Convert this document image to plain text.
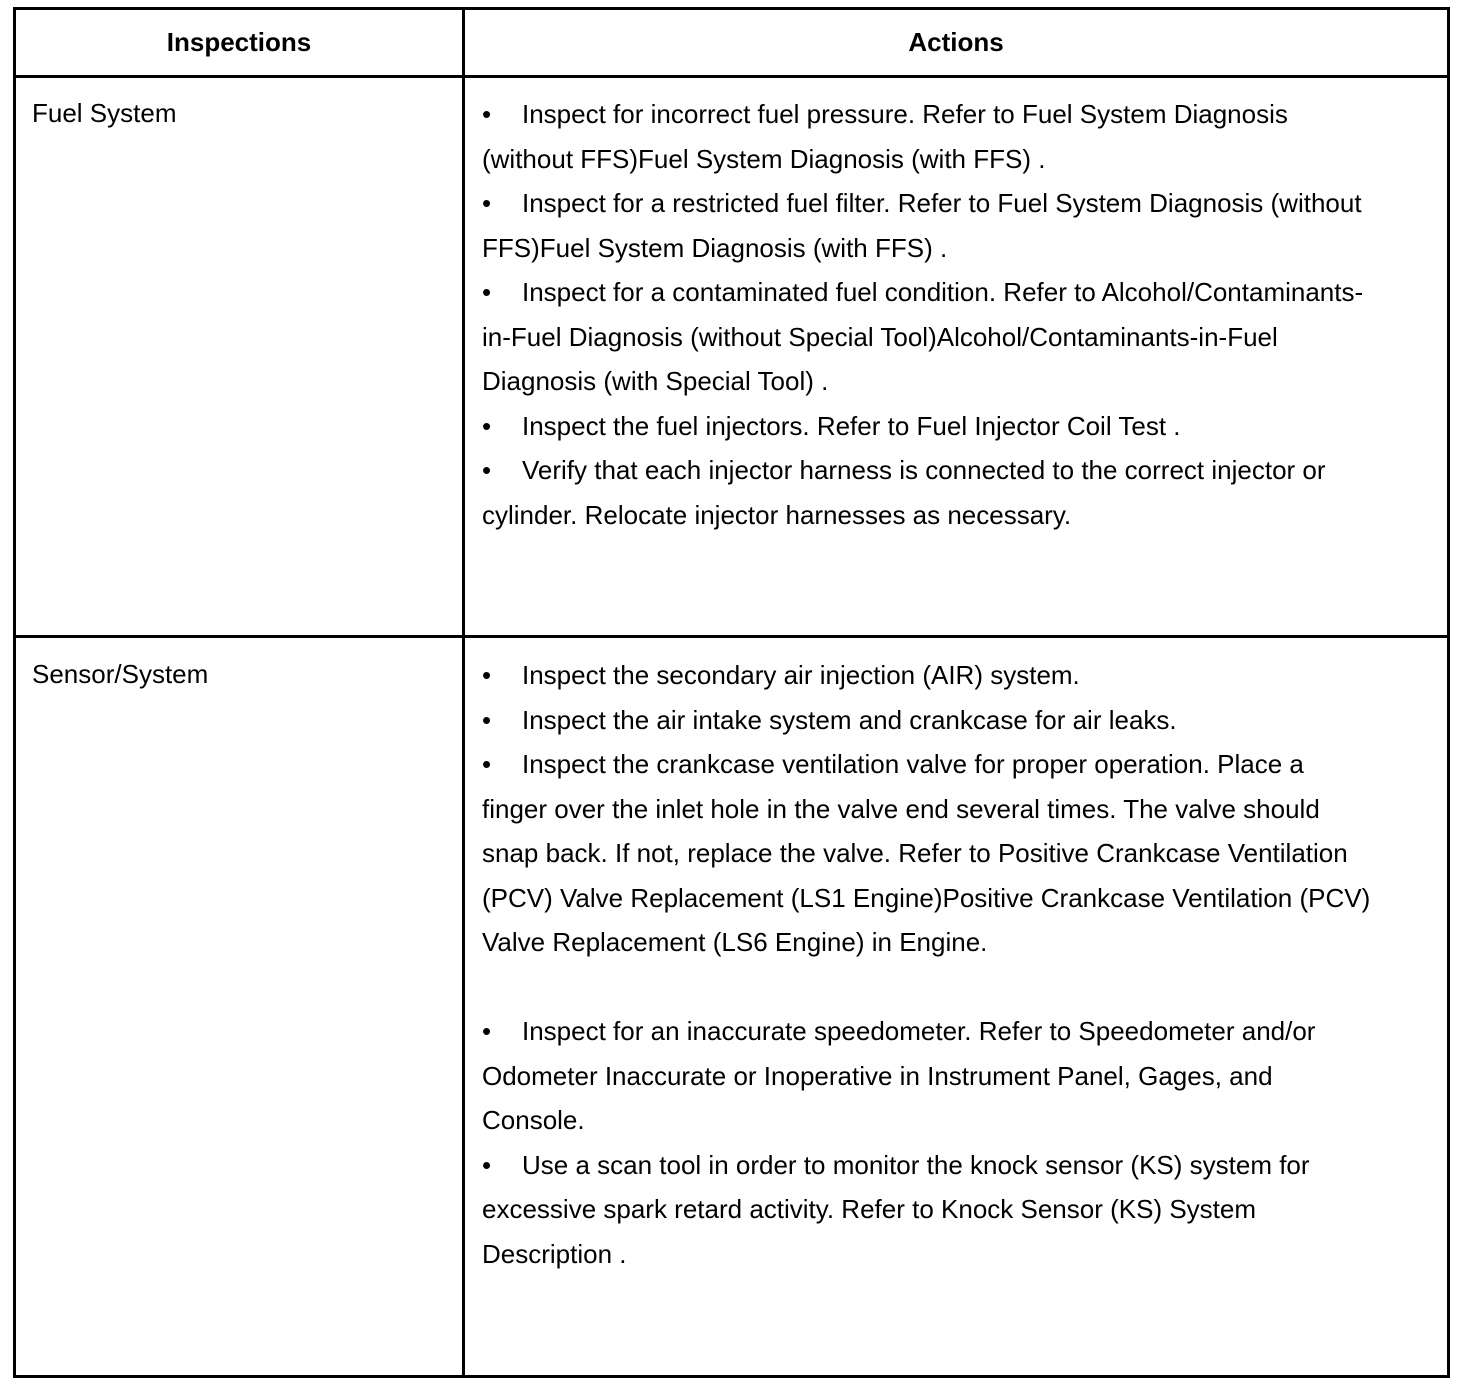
Inspections	Actions
Fuel System	• Inspect for incorrect fuel pressure. Refer to Fuel System Diagnosis (without FFS)Fuel System Diagnosis (with FFS) .

• Inspect for a restricted fuel filter. Refer to Fuel System Diagnosis (without FFS)Fuel System Diagnosis (with FFS) .

• Inspect for a contaminated fuel condition. Refer to Alcohol/Contaminants-in-Fuel Diagnosis (without Special Tool)Alcohol/Contaminants-in-Fuel Diagnosis (with Special Tool) .

• Inspect the fuel injectors. Refer to Fuel Injector Coil Test .

• Verify that each injector harness is connected to the correct injector or cylinder. Relocate injector harnesses as necessary.

Sensor/System	• Inspect the secondary air injection (AIR) system.

• Inspect the air intake system and crankcase for air leaks.

• Inspect the crankcase ventilation valve for proper operation. Place a finger over the inlet hole in the valve end several times. The valve should snap back. If not, replace the valve. Refer to Positive Crankcase Ventilation (PCV) Valve Replacement (LS1 Engine)Positive Crankcase Ventilation (PCV) Valve Replacement (LS6 Engine) in Engine.

• Inspect for an inaccurate speedometer. Refer to Speedometer and/or Odometer Inaccurate or Inoperative in Instrument Panel, Gages, and Console.

• Use a scan tool in order to monitor the knock sensor (KS) system for excessive spark retard activity. Refer to Knock Sensor (KS) System Description .
